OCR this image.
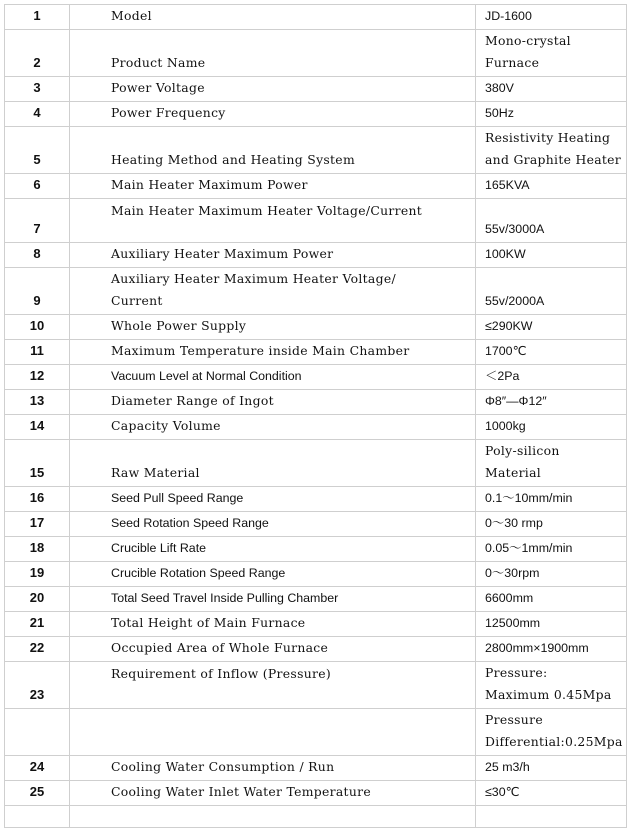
1	Model	JD-1600
2	Product Name	Mono-crystal Furnace
3	Power Voltage	380V
4	Power Frequency	50Hz
5	Heating Method and Heating System	Resistivity Heating
and Graphite Heater

6	Main Heater Maximum Power	165KVA
7	Main Heater Maximum Heater Voltage/Current	55v/3000A
8	Auxiliary Heater Maximum Power	100KW
9	Auxiliary Heater Maximum Heater Voltage/
Current	55v/2000A
10	Whole Power Supply	≤290KW
11	Maximum Temperature inside Main Chamber	1700℃
12	Vacuum Level at Normal Condition	＜2Pa
13	Diameter Range of Ingot	Φ8″—Φ12″
14	Capacity Volume	1000kg
15	Raw Material	Poly-silicon
Material

16	Seed Pull Speed Range	0.1～10mm/min
17	Seed Rotation Speed Range	0～30 rmp
18	Crucible Lift Rate	0.05～1mm/min
19	Crucible Rotation Speed Range	0～30rpm
20	Total Seed Travel Inside Pulling Chamber	6600mm
21	Total Height of Main Furnace	12500mm
22	Occupied Area of Whole Furnace	2800mm×1900mm
23	Requirement of Inflow (Pressure)	Pressure:
Maximum 0.45Mpa

		Pressure
Differential:0.25Mpa

24	Cooling Water Consumption / Run	25 m3/h
25	Cooling Water Inlet Water Temperature	≤30℃
